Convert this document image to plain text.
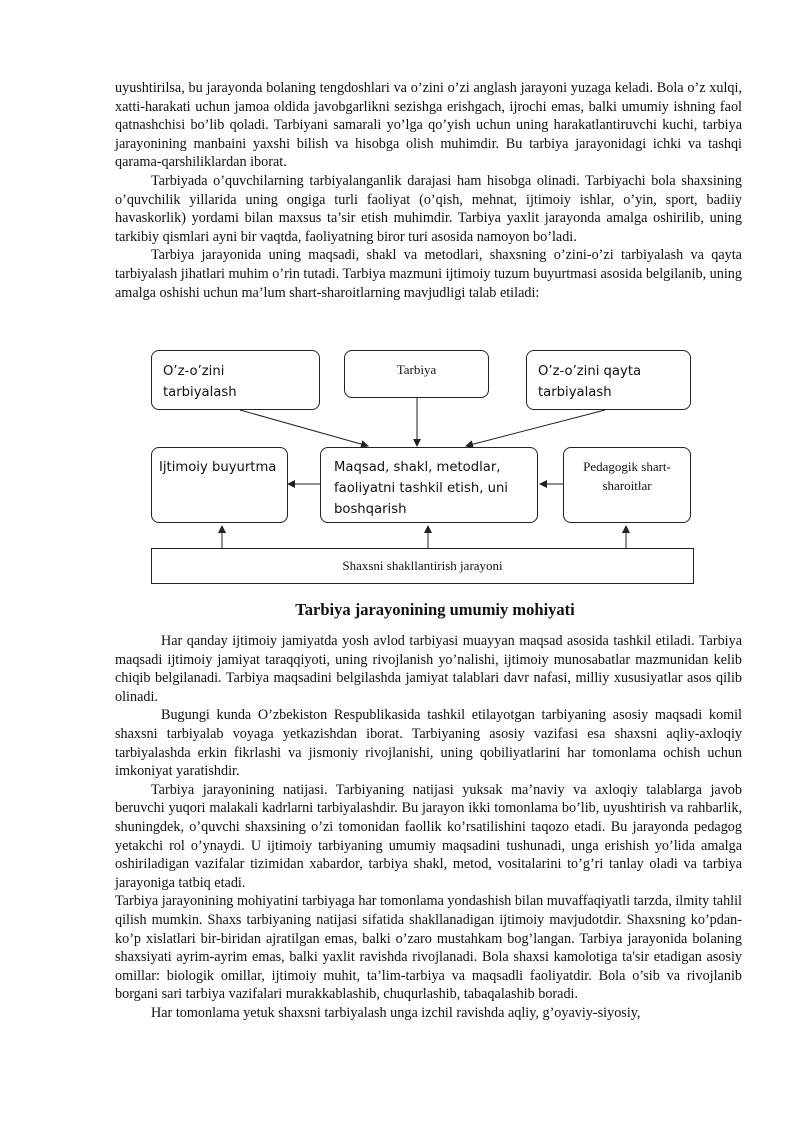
uyushtirilsa, bu jarayonda bolaning tengdoshlari va o’zini o’zi anglash jarayoni yuzaga keladi. Bola o’z xulqi, xatti-harakati uchun jamoa oldida javobgarlikni sezishga erishgach, ijrochi emas, balki umumiy ishning faol qatnashchisi bo’lib qoladi. Tarbiyani samarali yo’lga qo’yish uchun uning harakatlantiruvchi kuchi, tarbiya jarayonining manbaini yaxshi bilish va hisobga olish muhimdir. Bu tarbiya jarayonidagi ichki va tashqi qarama-qarshiliklardan iborat.

Tarbiyada o’quvchilarning tarbiyalanganlik darajasi ham hisobga olinadi. Tarbiyachi bola shaxsining o’quvchilik yillarida uning ongiga turli faoliyat (o’qish, mehnat, ijtimoiy ishlar, o’yin, sport, badiiy havaskorlik) yordami bilan maxsus ta’sir etish muhimdir. Tarbiya yaxlit jarayonda amalga oshirilib, uning tarkibiy qismlari ayni bir vaqtda, faoliyatning biror turi asosida namoyon bo’ladi.

Tarbiya jarayonida uning maqsadi, shakl va metodlari, shaxsning o’zini-o’zi tarbiyalash va qayta tarbiyalash jihatlari muhim o’rin tutadi. Tarbiya mazmuni ijtimoiy tuzum buyurtmasi asosida belgilanib, uning amalga oshishi uchun ma’lum shart-sharoitlarning mavjudligi talab etiladi:

O’z-o’zini tarbiyalash
Tarbiya	O’z-o’zini qayta tarbiyalash
Ijtimoiy buyurtma	Maqsad, shakl, metodlar,
faoliyatni tashkil etish, uni
boshqarish
Pedagogik shart-
sharoitlar
Shaxsni shakllantirish jarayoni
Tarbiya jarayonining umumiy mohiyati

Har qanday ijtimoiy jamiyatda yosh avlod tarbiyasi muayyan maqsad asosida tashkil etiladi. Tarbiya maqsadi ijtimoiy jamiyat taraqqiyoti, uning rivojlanish yo’nalishi, ijtimoiy munosabatlar mazmunidan kelib chiqib belgilanadi. Tarbiya maqsadini belgilashda jamiyat talablari davr nafasi, milliy xususiyatlar asos qilib olinadi.

Bugungi kunda O’zbekiston Respublikasida tashkil etilayotgan tarbiyaning asosiy maqsadi komil shaxsni tarbiyalab voyaga yetkazishdan iborat. Tarbiyaning asosiy vazifasi esa shaxsni aqliy-axloqiy tarbiyalashda erkin fikrlashi va jismoniy rivojlanishi, uning qobiliyatlarini har tomonlama ochish uchun imkoniyat yaratishdir.

Tarbiya jarayonining natijasi. Tarbiyaning natijasi yuksak ma’naviy va axloqiy talablarga javob beruvchi yuqori malakali kadrlarni tarbiyalashdir. Bu jarayon ikki tomonlama bo’lib, uyushtirish va rahbarlik, shuningdek, o’quvchi shaxsining o’zi tomonidan faollik ko’rsatilishini taqozo etadi. Bu jarayonda pedagog yetakchi rol o’ynaydi. U ijtimoiy tarbiyaning umumiy maqsadini tushunadi, unga erishish yo’lida amalga oshiriladigan vazifalar tizimidan xabardor, tarbiya shakl, metod, vositalarini to’g’ri tanlay oladi va tarbiya jarayoniga tatbiq etadi.

Tarbiya jarayonining mohiyatini tarbiyaga har tomonlama yondashish bilan muvaffaqiyatli tarzda, ilmity tahlil qilish mumkin. Shaxs tarbiyaning natijasi sifatida shakllanadigan ijtimoiy mavjudotdir. Shaxsning ko’pdan-ko’p xislatlari bir-biridan ajratilgan emas, balki o’zaro mustahkam bog’langan. Tarbiya jarayonida bolaning shaxsiyati ayrim-ayrim emas, balki yaxlit ravishda rivojlanadi. Bola shaxsi kamolotiga ta'sir etadigan asosiy omillar: biologik omillar, ijtimoiy muhit, ta’lim-tarbiya va maqsadli faoliyatdir. Bola o’sib va rivojlanib borgani sari tarbiya vazifalari murakkablashib, chuqurlashib, tabaqalashib boradi.

Har tomonlama yetuk shaxsni tarbiyalash unga izchil ravishda aqliy, g’oyaviy-siyosiy,
